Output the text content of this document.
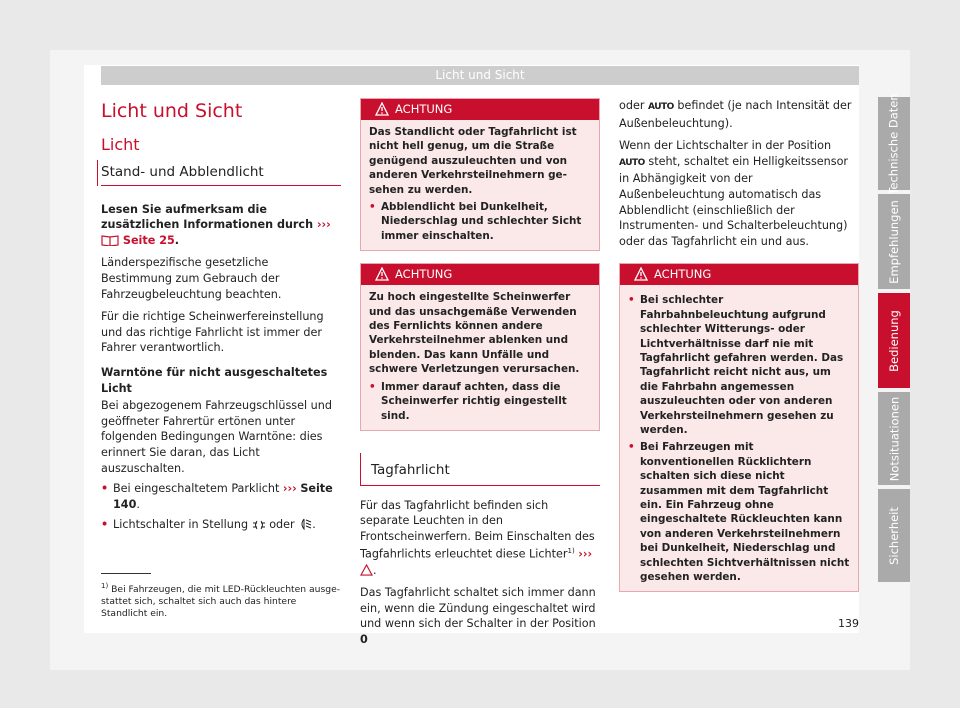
Licht und Sicht
Licht und Sicht
Licht
Stand- und Abblendlicht

Lesen Sie aufmerksam die zusätzlichen Informationen durch ›››  Seite 25.

Länderspezifische gesetzliche Bestimmung zum Gebrauch der Fahrzeugbeleuchtung beachten.

Für die richtige Scheinwerfereinstellung und das richtige Fahrlicht ist immer der Fahrer verantwortlich.

Warntöne für nicht ausgeschaltetes Licht

Bei abgezogenem Fahrzeugschlüssel und geöffneter Fahrertür ertönen unter folgenden Bedingungen Warntöne: dies erinnert Sie daran, das Licht auszuschalten.

• Bei eingeschaltetem Parklicht ››› Seite 140.
• Lichtschalter in Stellung oder .
ACHTUNG
Das Standlicht oder Tagfahrlicht ist nicht hell genug, um die Straße genügend auszuleuchten und von anderen Verkehrsteilnehmern gesehen zu werden.
• Abblendlicht bei Dunkelheit, Niederschlag und schlechter Sicht immer einschalten.
ACHTUNG
Zu hoch eingestellte Scheinwerfer und das unsachgemäße Verwenden des Fernlichts können andere Verkehrsteilnehmer ablenken und blenden. Das kann Unfälle und schwere Verletzungen verursachen.
• Immer darauf achten, dass die Scheinwerfer richtig eingestellt sind.
Tagfahrlicht

Für das Tagfahrlicht befinden sich separate Leuchten in den Frontscheinwerfern. Beim Einschalten des Tagfahrlichts erleuchtet diese Lichter$^{1)}$ ››› .

Das Tagfahrlicht schaltet sich immer dann ein, wenn die Zündung eingeschaltet wird und wenn sich der Schalter in der Position 0

oder AUTO befindet (je nach Intensität der Außenbeleuchtung).

Wenn der Lichtschalter in der Position AUTO steht, schaltet ein Helligkeitssensor in Abhängigkeit von der Außenbeleuchtung automatisch das Abblendlicht (einschließlich der Instrumenten- und Schalterbeleuchtung) oder das Tagfahrlicht ein und aus.

ACHTUNG
• Bei schlechter Fahrbahnbeleuchtung aufgrund schlechter Witterungs- oder Lichtverhältnisse darf nie mit Tagfahrlicht gefahren werden. Das Tagfahrlicht reicht nicht aus, um die Fahrbahn angemessen auszuleuchten oder von anderen Verkehrsteilnehmern gesehen zu werden.
• Bei Fahrzeugen mit konventionellen Rücklichtern schalten sich diese nicht zusammen mit dem Tagfahrlicht ein. Ein Fahrzeug ohne eingeschaltete Rückleuchten kann von anderen Verkehrsteilnehmern bei Dunkelheit, Niederschlag und schlechten Sichtverhältnissen nicht gesehen werden.
$^{1)}$ Bei Fahrzeugen, die mit LED-Rückleuchten ausgestattet sich, schaltet sich auch das hintere Standlicht ein.
139
Technische Daten
Empfehlungen
Bedienung
Notsituationen
Sicherheit
